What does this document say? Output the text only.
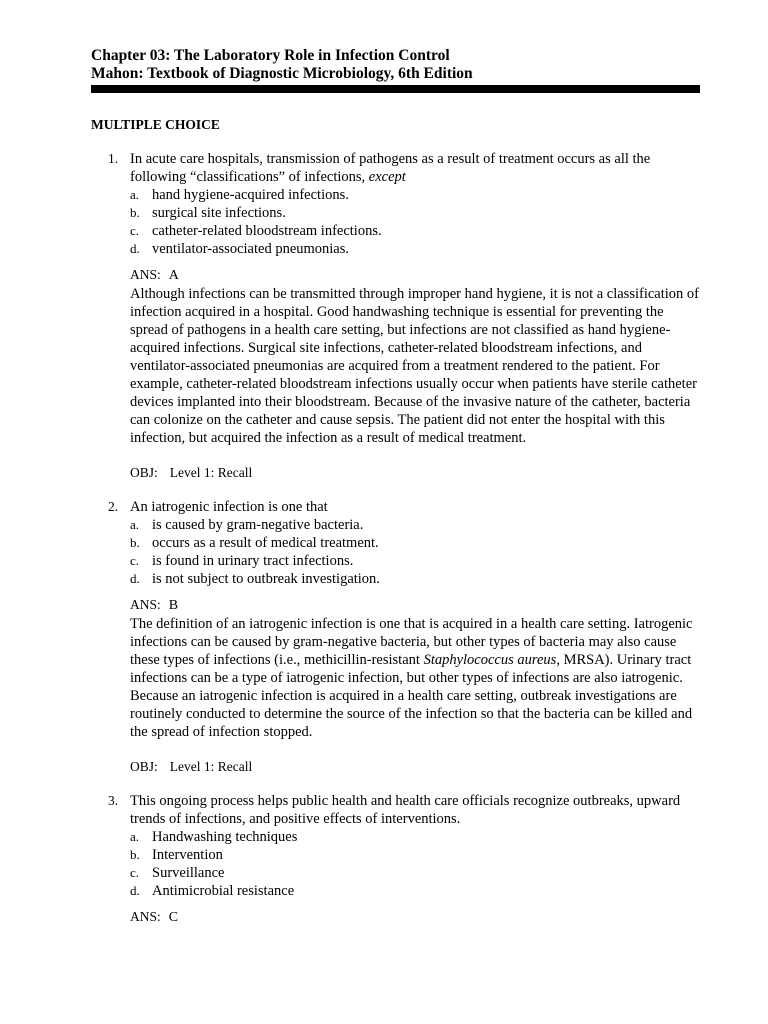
Chapter 03: The Laboratory Role in Infection Control
Mahon: Textbook of Diagnostic Microbiology, 6th Edition
MULTIPLE CHOICE
1. In acute care hospitals, transmission of pathogens as a result of treatment occurs as all the following “classifications” of infections, except
a. hand hygiene-acquired infections.
b. surgical site infections.
c. catheter-related bloodstream infections.
d. ventilator-associated pneumonias.
ANS: A
Although infections can be transmitted through improper hand hygiene, it is not a classification of infection acquired in a hospital. Good handwashing technique is essential for preventing the spread of pathogens in a health care setting, but infections are not classified as hand hygiene-acquired infections. Surgical site infections, catheter-related bloodstream infections, and ventilator-associated pneumonias are acquired from a treatment rendered to the patient. For example, catheter-related bloodstream infections usually occur when patients have sterile catheter devices implanted into their bloodstream. Because of the invasive nature of the catheter, bacteria can colonize on the catheter and cause sepsis. The patient did not enter the hospital with this infection, but acquired the infection as a result of medical treatment.
OBJ: Level 1: Recall
2. An iatrogenic infection is one that
a. is caused by gram-negative bacteria.
b. occurs as a result of medical treatment.
c. is found in urinary tract infections.
d. is not subject to outbreak investigation.
ANS: B
The definition of an iatrogenic infection is one that is acquired in a health care setting. Iatrogenic infections can be caused by gram-negative bacteria, but other types of bacteria may also cause these types of infections (i.e., methicillin-resistant Staphylococcus aureus, MRSA). Urinary tract infections can be a type of iatrogenic infection, but other types of infections are also iatrogenic. Because an iatrogenic infection is acquired in a health care setting, outbreak investigations are routinely conducted to determine the source of the infection so that the bacteria can be killed and the spread of infection stopped.
OBJ: Level 1: Recall
3. This ongoing process helps public health and health care officials recognize outbreaks, upward trends of infections, and positive effects of interventions.
a. Handwashing techniques
b. Intervention
c. Surveillance
d. Antimicrobial resistance
ANS: C
